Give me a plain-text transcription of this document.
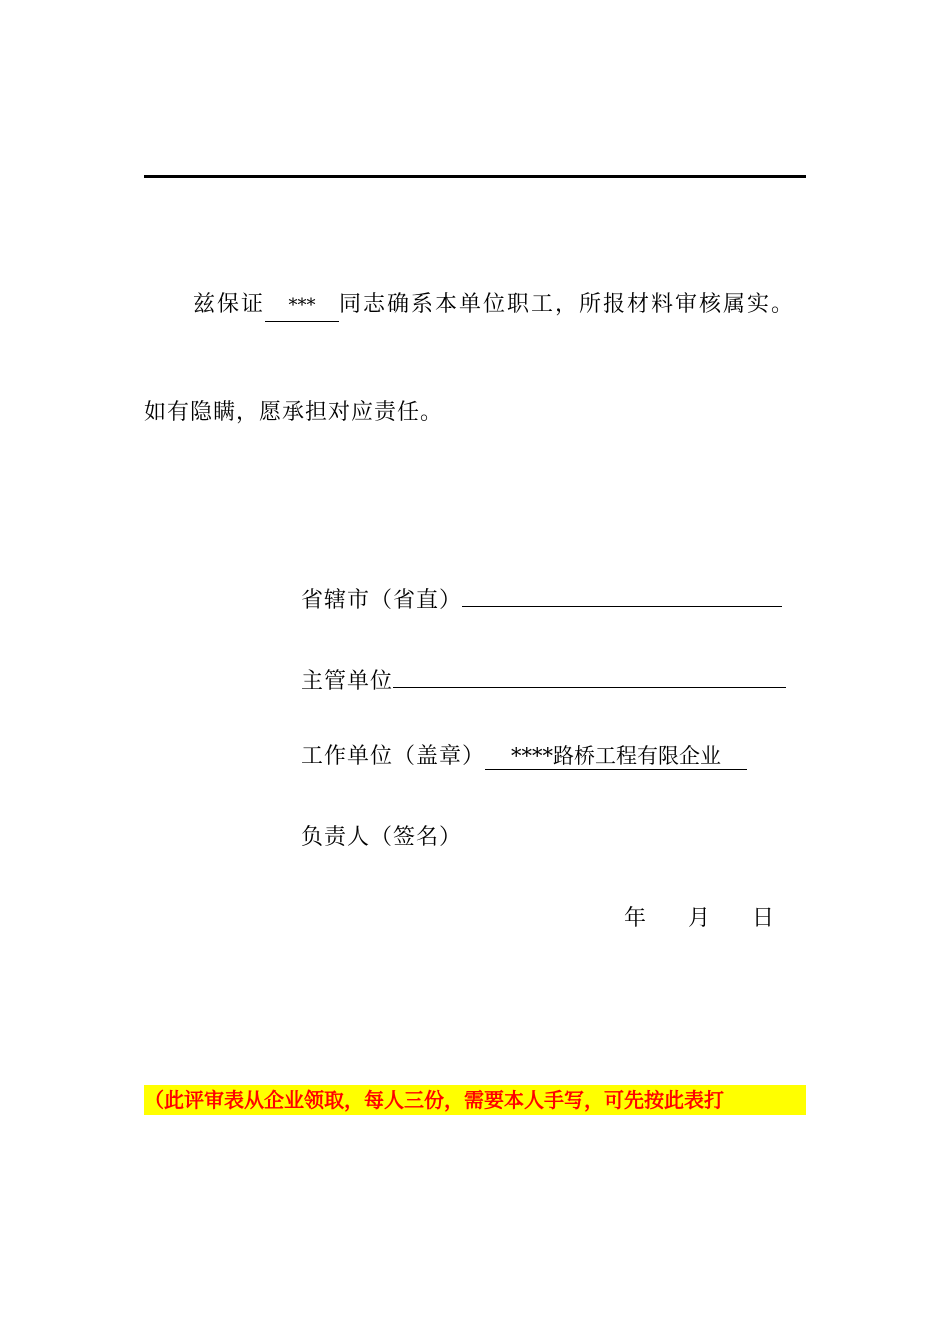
兹保证 *** 同志确系本单位职工，所报材料审核属实。
如有隐瞒，愿承担对应责任。
省辖市（省直）
主管单位
工作单位（盖章） ****路桥工程有限企业
负责人（签名）
年 月 日
（此评审表从企业领取，每人三份，需要本人手写，可先按此表打
